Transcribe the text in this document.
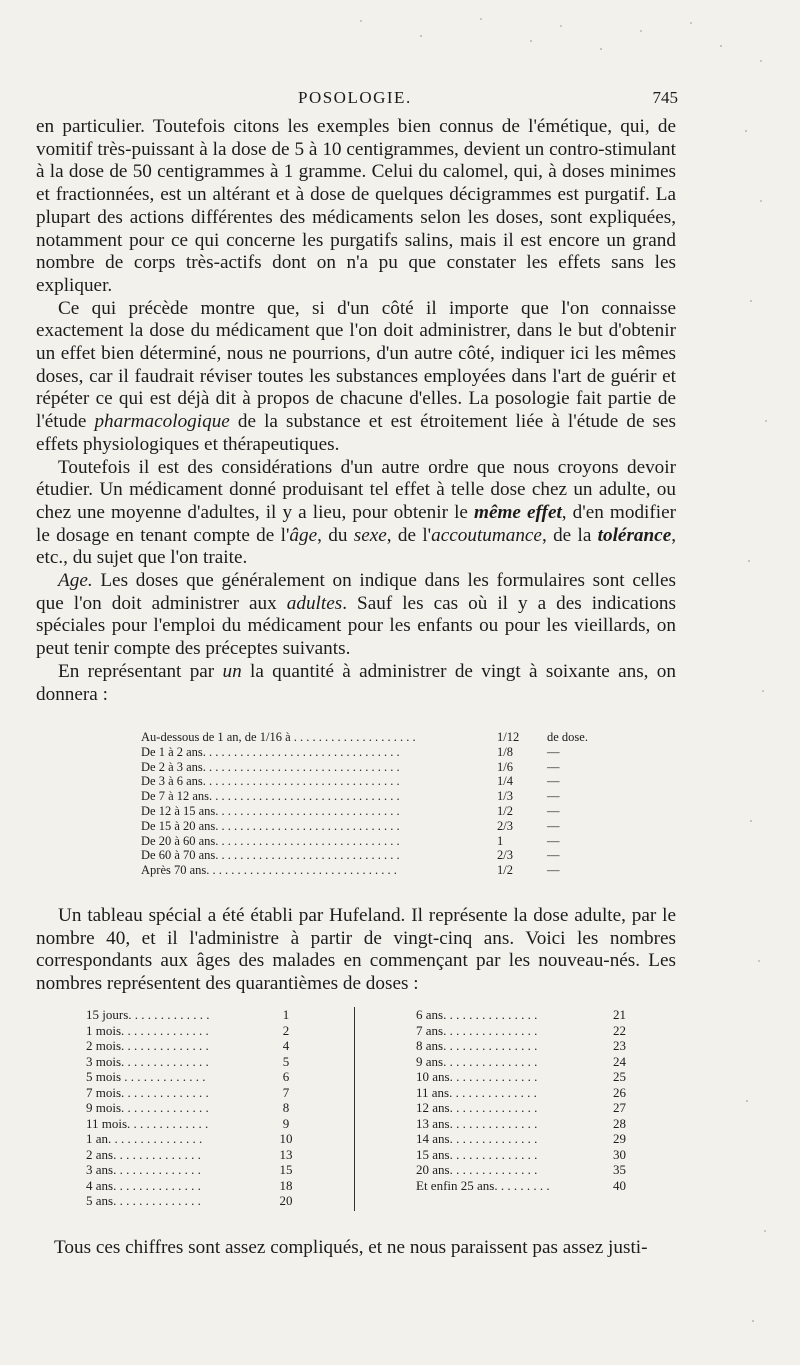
POSOLOGIE.	745

en particulier. Toutefois citons les exemples bien connus de l'émétique, qui, de vomitif très-puissant à la dose de 5 à 10 centigrammes, devient un contro-stimulant à la dose de 50 centigrammes à 1 gramme. Celui du calomel, qui, à doses minimes et fractionnées, est un altérant et à dose de quelques décigrammes est purgatif. La plupart des actions différentes des médicaments selon les doses, sont expliquées, notamment pour ce qui concerne les purgatifs salins, mais il est encore un grand nombre de corps très-actifs dont on n'a pu que constater les effets sans les expliquer.

Ce qui précède montre que, si d'un côté il importe que l'on connaisse exactement la dose du médicament que l'on doit administrer, dans le but d'obtenir un effet bien déterminé, nous ne pourrions, d'un autre côté, indiquer ici les mêmes doses, car il faudrait réviser toutes les substances employées dans l'art de guérir et répéter ce qui est déjà dit à propos de chacune d'elles. La posologie fait partie de l'étude pharmacologique de la substance et est étroitement liée à l'étude de ses effets physiologiques et thérapeutiques.

Toutefois il est des considérations d'un autre ordre que nous croyons devoir étudier. Un médicament donné produisant tel effet à telle dose chez un adulte, ou chez une moyenne d'adultes, il y a lieu, pour obtenir le même effet, d'en modifier le dosage en tenant compte de l'âge, du sexe, de l'accoutumance, de la tolérance, etc., du sujet que l'on traite.

Age. Les doses que généralement on indique dans les formulaires sont celles que l'on doit administrer aux adultes. Sauf les cas où il y a des indications spéciales pour l'emploi du médicament pour les enfants ou pour les vieillards, on peut tenir compte des préceptes suivants.

En représentant par un la quantité à administrer de vingt à soixante ans, on donnera :

Au-dessous de 1 an, de 1/16 à . . . . . . . . . . . . . . . . . . . .	1/12	de dose.
De 1 à 2 ans. . . . . . . . . . . . . . . . . . . . . . . . . . . . . . . .	1/8	—
De 2 à 3 ans. . . . . . . . . . . . . . . . . . . . . . . . . . . . . . . .	1/6	—
De 3 à 6 ans. . . . . . . . . . . . . . . . . . . . . . . . . . . . . . . .	1/4	—
De 7 à 12 ans. . . . . . . . . . . . . . . . . . . . . . . . . . . . . . .	1/3	—
De 12 à 15 ans. . . . . . . . . . . . . . . . . . . . . . . . . . . . . .	1/2	—
De 15 à 20 ans. . . . . . . . . . . . . . . . . . . . . . . . . . . . . .	2/3	—
De 20 à 60 ans. . . . . . . . . . . . . . . . . . . . . . . . . . . . . .	1	—
De 60 à 70 ans. . . . . . . . . . . . . . . . . . . . . . . . . . . . . .	2/3	—
Après 70 ans. . . . . . . . . . . . . . . . . . . . . . . . . . . . . . .	1/2	—

Un tableau spécial a été établi par Hufeland. Il représente la dose adulte, par le nombre 40, et il l'administre à partir de vingt-cinq ans. Voici les nombres correspondants aux âges des malades en commençant par les nouveau-nés. Les nombres représentent des quarantièmes de doses :

15 jours. . . . . . . . . . . . .	1
1 mois. . . . . . . . . . . . . .	2
2 mois. . . . . . . . . . . . . .	4
3 mois. . . . . . . . . . . . . .	5
5 mois . . . . . . . . . . . . .	6
7 mois. . . . . . . . . . . . . .	7
9 mois. . . . . . . . . . . . . .	8
11 mois. . . . . . . . . . . . .	9
1 an. . . . . . . . . . . . . . .	10
2 ans. . . . . . . . . . . . . .	13
3 ans. . . . . . . . . . . . . .	15
4 ans. . . . . . . . . . . . . .	18
5 ans. . . . . . . . . . . . . .	20
6 ans. . . . . . . . . . . . . . .	21
7 ans. . . . . . . . . . . . . . .	22
8 ans. . . . . . . . . . . . . . .	23
9 ans. . . . . . . . . . . . . . .	24
10 ans. . . . . . . . . . . . . .	25
11 ans. . . . . . . . . . . . . .	26
12 ans. . . . . . . . . . . . . .	27
13 ans. . . . . . . . . . . . . .	28
14 ans. . . . . . . . . . . . . .	29
15 ans. . . . . . . . . . . . . .	30
20 ans. . . . . . . . . . . . . .	35
Et enfin 25 ans. . . . . . . . .	40
Tous ces chiffres sont assez compliqués, et ne nous paraissent pas assez justi-
